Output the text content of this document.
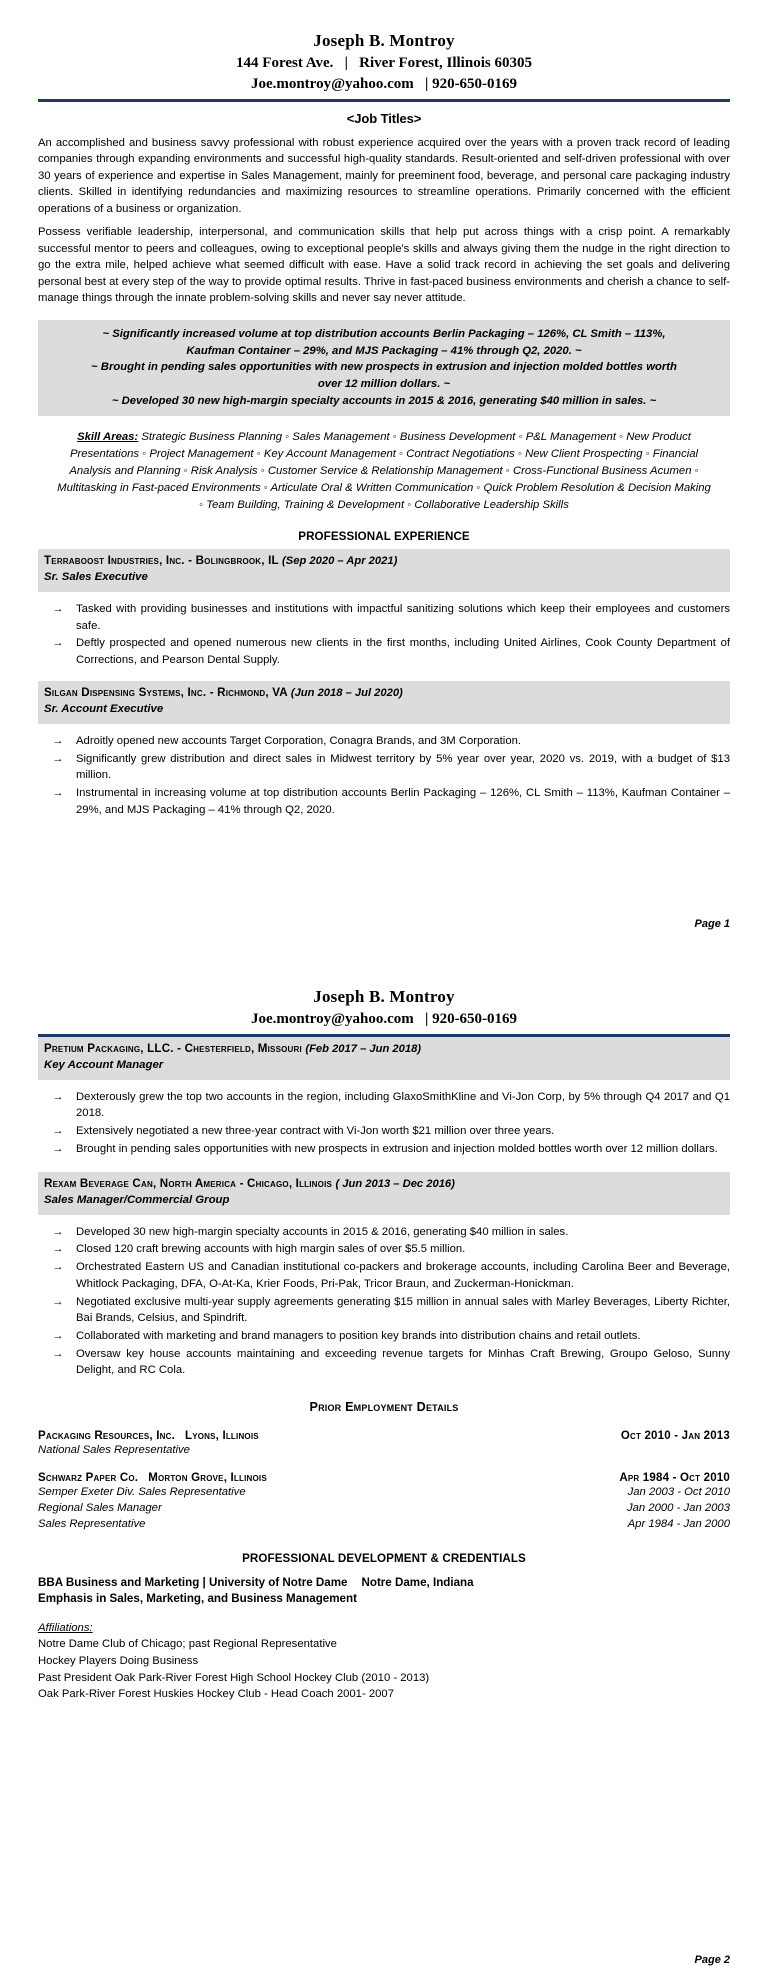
Joseph B. Montroy
144 Forest Ave.   |   River Forest, Illinois 60305
Joe.montroy@yahoo.com   | 920-650-0169
<Job Titles>

An accomplished and business savvy professional with robust experience acquired over the years with a proven track record of leading companies through expanding environments and successful high-quality standards. Result-oriented and self-driven professional with over 30 years of experience and expertise in Sales Management, mainly for preeminent food, beverage, and personal care packaging industry clients. Skilled in identifying redundancies and maximizing resources to streamline operations. Primarily concerned with the efficient operations of a business or organization.

Possess verifiable leadership, interpersonal, and communication skills that help put across things with a crisp point. A remarkably successful mentor to peers and colleagues, owing to exceptional people's skills and always giving them the nudge in the right direction to go the extra mile, helped achieve what seemed difficult with ease. Have a solid track record in achieving the set goals and delivering personal best at every step of the way to provide optimal results. Thrive in fast-paced business environments and cherish a chance to self-manage things through the innate problem-solving skills and never say never attitude.

~ Significantly increased volume at top distribution accounts Berlin Packaging – 126%, CL Smith – 113%,
Kaufman Container – 29%, and MJS Packaging – 41% through Q2, 2020. ~
~ Brought in pending sales opportunities with new prospects in extrusion and injection molded bottles worth
over 12 million dollars. ~
~ Developed 30 new high-margin specialty accounts in 2015 & 2016, generating $40 million in sales. ~
Skill Areas: Strategic Business Planning ◦ Sales Management ◦ Business Development ◦ P&L Management ◦ New Product Presentations ◦ Project Management ◦ Key Account Management ◦ Contract Negotiations ◦ New Client Prospecting ◦ Financial Analysis and Planning ◦ Risk Analysis ◦ Customer Service & Relationship Management ◦ Cross-Functional Business Acumen ◦ Multitasking in Fast-paced Environments ◦ Articulate Oral & Written Communication ◦ Quick Problem Resolution & Decision Making ◦ Team Building, Training & Development ◦ Collaborative Leadership Skills
PROFESSIONAL EXPERIENCE
Terraboost Industries, Inc. - Bolingbrook, IL (Sep 2020 – Apr 2021)
Sr. Sales Executive
→ Tasked with providing businesses and institutions with impactful sanitizing solutions which keep their employees and customers safe.
→ Deftly prospected and opened numerous new clients in the first months, including United Airlines, Cook County Department of Corrections, and Pearson Dental Supply.
Silgan Dispensing Systems, Inc. - Richmond, VA (Jun 2018 – Jul 2020)
Sr. Account Executive
→ Adroitly opened new accounts Target Corporation, Conagra Brands, and 3M Corporation.
→ Significantly grew distribution and direct sales in Midwest territory by 5% year over year, 2020 vs. 2019, with a budget of $13 million.
→ Instrumental in increasing volume at top distribution accounts Berlin Packaging – 126%, CL Smith – 113%, Kaufman Container – 29%, and MJS Packaging – 41% through Q2, 2020.
Page 1
Joseph B. Montroy
Joe.montroy@yahoo.com   | 920-650-0169
Pretium Packaging, LLC. - Chesterfield, Missouri (Feb 2017 – Jun 2018)
Key Account Manager
→ Dexterously grew the top two accounts in the region, including GlaxoSmithKline and Vi-Jon Corp, by 5% through Q4 2017 and Q1 2018.
→ Extensively negotiated a new three-year contract with Vi-Jon worth $21 million over three years.
→ Brought in pending sales opportunities with new prospects in extrusion and injection molded bottles worth over 12 million dollars.
Rexam Beverage Can, North America - Chicago, Illinois ( Jun 2013 – Dec 2016)
Sales Manager/Commercial Group
→ Developed 30 new high-margin specialty accounts in 2015 & 2016, generating $40 million in sales.
→ Closed 120 craft brewing accounts with high margin sales of over $5.5 million.
→ Orchestrated Eastern US and Canadian institutional co-packers and brokerage accounts, including Carolina Beer and Beverage, Whitlock Packaging, DFA, O-At-Ka, Krier Foods, Pri-Pak, Tricor Braun, and Zuckerman-Honickman.
→ Negotiated exclusive multi-year supply agreements generating $15 million in annual sales with Marley Beverages, Liberty Richter, Bai Brands, Celsius, and Spindrift.
→ Collaborated with marketing and brand managers to position key brands into distribution chains and retail outlets.
→ Oversaw key house accounts maintaining and exceeding revenue targets for Minhas Craft Brewing, Groupo Geloso, Sunny Delight, and RC Cola.
Prior Employment Details
Packaging Resources, Inc. Lyons, Illinois	Oct 2010 - Jan 2013
National Sales Representative
Schwarz Paper Co. Morton Grove, Illinois	Apr 1984 - Oct 2010
Semper Exeter Div. Sales Representative	Jan 2003 - Oct 2010
Regional Sales Manager	Jan 2000 - Jan 2003
Sales Representative	Apr 1984 - Jan 2000
PROFESSIONAL DEVELOPMENT & CREDENTIALS
BBA Business and Marketing | University of Notre Dame Notre Dame, Indiana
Emphasis in Sales, Marketing, and Business Management
Affiliations:
Notre Dame Club of Chicago; past Regional Representative
Hockey Players Doing Business
Past President Oak Park-River Forest High School Hockey Club (2010 - 2013)
Oak Park-River Forest Huskies Hockey Club - Head Coach 2001- 2007
Page 2
